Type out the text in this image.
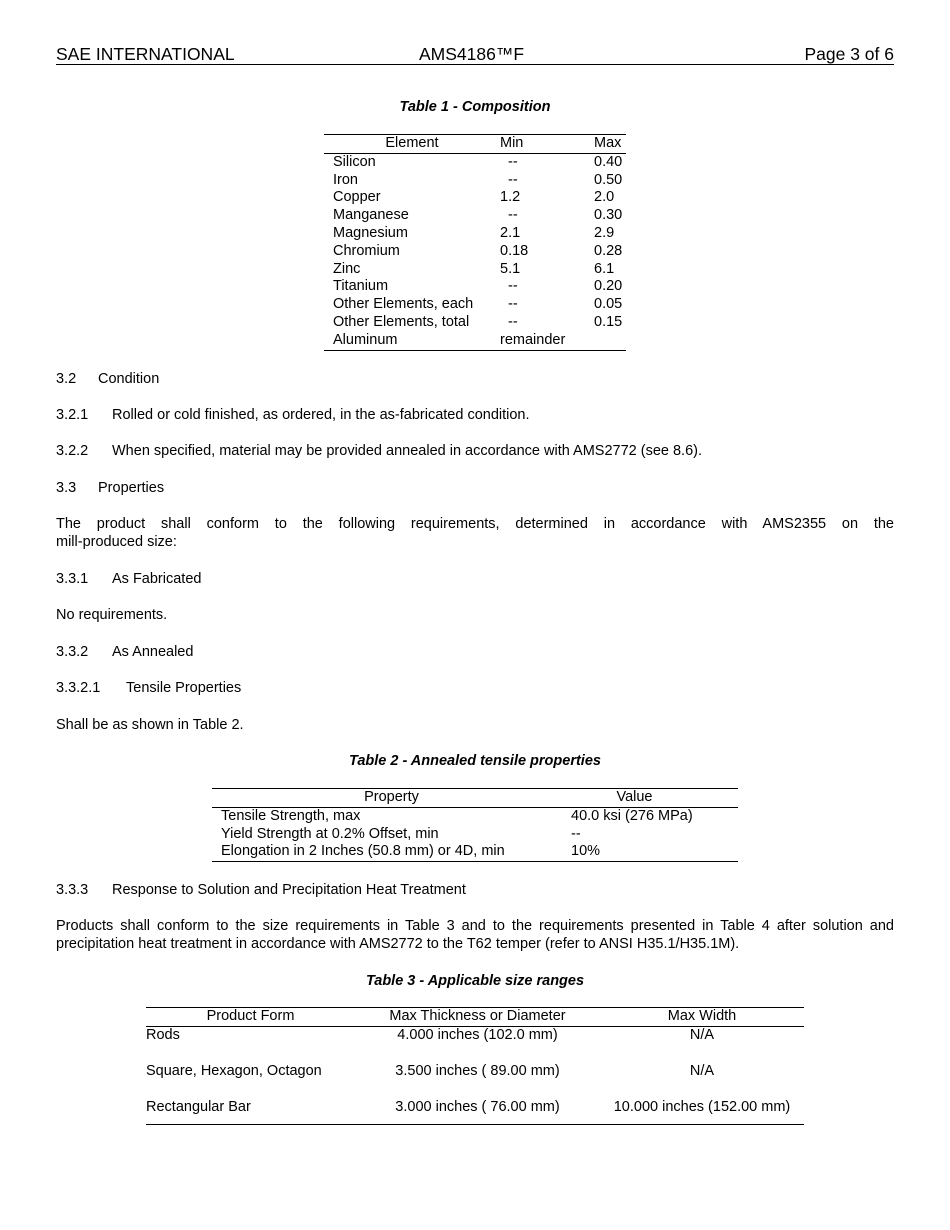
SAE INTERNATIONAL	AMS4186™F	Page 3 of 6
Table 1 - Composition
Element	Min	Max
Silicon	--	0.40
Iron	--	0.50
Copper	1.2	2.0
Manganese	--	0.30
Magnesium	2.1	2.9
Chromium	0.18	0.28
Zinc	5.1	6.1
Titanium	--	0.20
Other Elements, each	--	0.05
Other Elements, total	--	0.15
Aluminum	remainder	
3.2 Condition
3.2.1 Rolled or cold finished, as ordered, in the as-fabricated condition.
3.2.2 When specified, material may be provided annealed in accordance with AMS2772 (see 8.6).
3.3 Properties
The product shall conform to the following requirements, determined in accordance with AMS2355 on the
mill-produced size:
3.3.1 As Fabricated
No requirements.
3.3.2 As Annealed
3.3.2.1 Tensile Properties
Shall be as shown in Table 2.
Table 2 - Annealed tensile properties
Property	Value
Tensile Strength, max	40.0 ksi (276 MPa)
Yield Strength at 0.2% Offset, min	--
Elongation in 2 Inches (50.8 mm) or 4D, min	10%
3.3.3 Response to Solution and Precipitation Heat Treatment
Products shall conform to the size requirements in Table 3 and to the requirements presented in Table 4 after solution and
precipitation heat treatment in accordance with AMS2772 to the T62 temper (refer to ANSI H35.1/H35.1M).
Table 3 - Applicable size ranges
Product Form	Max Thickness or Diameter	Max Width
Rods	4.000 inches (102.0 mm)	N/A
Square, Hexagon, Octagon	3.500 inches ( 89.00 mm)	N/A
Rectangular Bar	3.000 inches ( 76.00 mm)	10.000 inches (152.00 mm)
